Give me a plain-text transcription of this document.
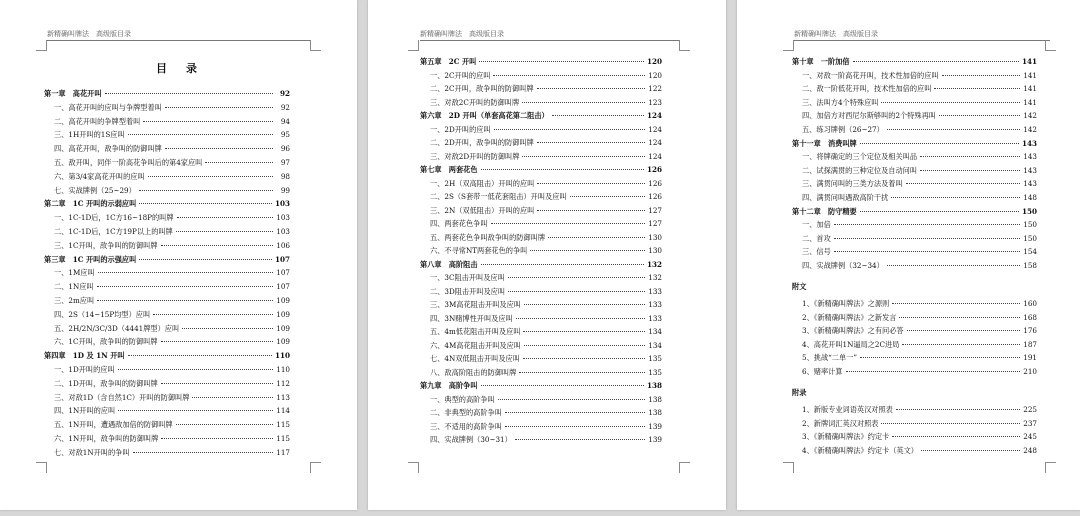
新精确叫牌法　高级版目录
目　录
第一章　高花开叫	92
一、高花开叫的应叫与争牌型着叫	92
二、高花开叫的争牌型着叫	94
三、1H开叫的1S应叫	95
四、高花开叫，敌争叫的防御叫牌	96
五、敌开叫，同伴一阶高花争叫后的第4家应叫	97
六、第3/4家高花开叫的应叫	98
七、实战牌例（25~29）	99
第二章　1C 开叫的示弱应叫	103
一、1C-1D后，1C方16~18P的叫牌	103
二、1C-1D后，1C方19P以上的叫牌	103
三、1C开叫，敌争叫的防御叫牌	106
第三章　1C 开叫的示强应叫	107
一、1M应叫	107
二、1N应叫	107
三、2m应叫	109
四、2S（14~15P均型）应叫	109
五、2H/2N/3C/3D（4441牌型）应叫	109
六、1C开叫，敌争叫的防御叫牌	109
第四章　1D 及 1N 开叫	110
一、1D开叫的应叫	110
二、1D开叫，敌争叫的防御叫牌	112
三、对敌1D（含自然1C）开叫的防御叫牌	113
四、1N开叫的应叫	114
五、1N开叫，遭遇敌加倍的防御叫牌	115
六、1N开叫，敌争叫的防御叫牌	115
七、对敌1N开叫的争叫	117
新精确叫牌法　高级版目录
第五章　2C 开叫	120
一、2C开叫的应叫	120
二、2C开叫，敌争叫的防御叫牌	122
三、对敌2C开叫的防御叫牌	123
第六章　2D 开叫（单套高花第二阻击）	124
一、2D开叫的应叫	124
二、2D开叫，敌争叫的防御叫牌	124
三、对敌2D开叫的防御叫牌	124
第七章　两套花色	126
一、2H（双高阻击）开叫的应叫	126
二、2S（S套带一低花套阻击）开叫及应叫	126
三、2N（双低阻击）开叫的应叫	127
四、两套花色争叫	127
五、两套花色争叫敌争叫的防御叫牌	130
六、不寻常NT两套花色的争叫	130
第八章　高阶阻击	132
一、3C阻击开叫及应叫	132
二、3D阻击开叫及应叫	133
三、3M高花阻击开叫及应叫	133
四、3N赌博性开叫及应叫	133
五、4m低花阻击开叫及应叫	134
六、4M高花阻击开叫及应叫	134
七、4N双低阻击开叫及应叫	135
八、敌高阶阻击的防御叫牌	135
第九章　高阶争叫	138
一、典型的高阶争叫	138
二、非典型的高阶争叫	138
三、不适用的高阶争叫	139
四、实战牌例（30~31）	139
新精确叫牌法　高级版目录
第十章　一阶加倍	141
一、对敌一阶高花开叫，技术性加倍的应叫	141
二、敌一阶低花开叫，技术性加倍的应叫	141
三、法叫方4个特殊应叫	141
四、加倍方对西尼尔斯够叫的2个特殊再叫	142
五、练习牌例（26~27）	142
第十一章　消费叫牌	143
一、将牌确定的三个定位及相关叫品	143
二、试探满贯的三种定位及自动问叫	143
三、满贯问叫的三类方法及着叫	143
四、满贯问叫遇敌高阶干扰	148
第十二章　防守精要	150
一、加倍	150
二、首攻	150
三、信号	154
四、实战牌例（32~34）	158
附文
1、《新精确叫牌法》之源则	160
2、《新精确叫牌法》之新发言	168
3、《新精确叫牌法》之有问必答	176
4、高花开叫1N逼局之2C进局	187
5、挑战“二单一”	191
6、赌率计算	210
附录
1、新版专业词语英汉对照表	225
2、新牌词汇英汉对照表	237
3、《新精确叫牌法》约定卡	245
4、《新精确叫牌法》约定卡（英文）	248
